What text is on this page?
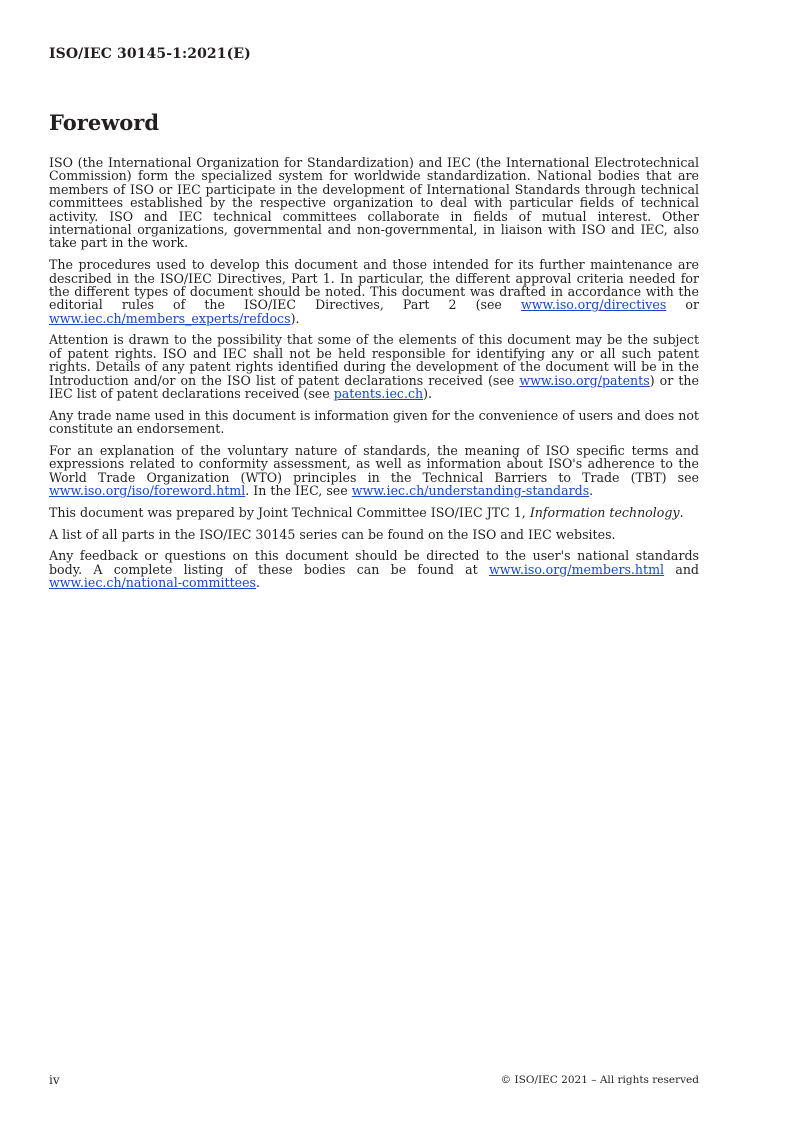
ISO/IEC 30145-1:2021(E)
Foreword

ISO (the International Organization for Standardization) and IEC (the International Electrotechnical Commission) form the specialized system for worldwide standardization. National bodies that are members of ISO or IEC participate in the development of International Standards through technical committees established by the respective organization to deal with particular fields of technical activity. ISO and IEC technical committees collaborate in fields of mutual interest. Other international organizations, governmental and non-governmental, in liaison with ISO and IEC, also take part in the work.

The procedures used to develop this document and those intended for its further maintenance are described in the ISO/IEC Directives, Part 1. In particular, the different approval criteria needed for the different types of document should be noted. This document was drafted in accordance with the editorial rules of the ISO/IEC Directives, Part 2 (see www.iso.org/directives or www.iec.ch/members_experts/refdocs).

Attention is drawn to the possibility that some of the elements of this document may be the subject of patent rights. ISO and IEC shall not be held responsible for identifying any or all such patent rights. Details of any patent rights identified during the development of the document will be in the Introduction and/or on the ISO list of patent declarations received (see www.iso.org/patents) or the IEC list of patent declarations received (see patents.iec.ch).

Any trade name used in this document is information given for the convenience of users and does not constitute an endorsement.

For an explanation of the voluntary nature of standards, the meaning of ISO specific terms and expressions related to conformity assessment, as well as information about ISO's adherence to the World Trade Organization (WTO) principles in the Technical Barriers to Trade (TBT) see www.iso.org/iso/foreword.html. In the IEC, see www.iec.ch/understanding-standards.

This document was prepared by Joint Technical Committee ISO/IEC JTC 1, Information technology.

A list of all parts in the ISO/IEC 30145 series can be found on the ISO and IEC websites.

Any feedback or questions on this document should be directed to the user's national standards body. A complete listing of these bodies can be found at www.iso.org/members.html and www.iec.ch/national-committees.

iv	© ISO/IEC 2021 – All rights reserved
